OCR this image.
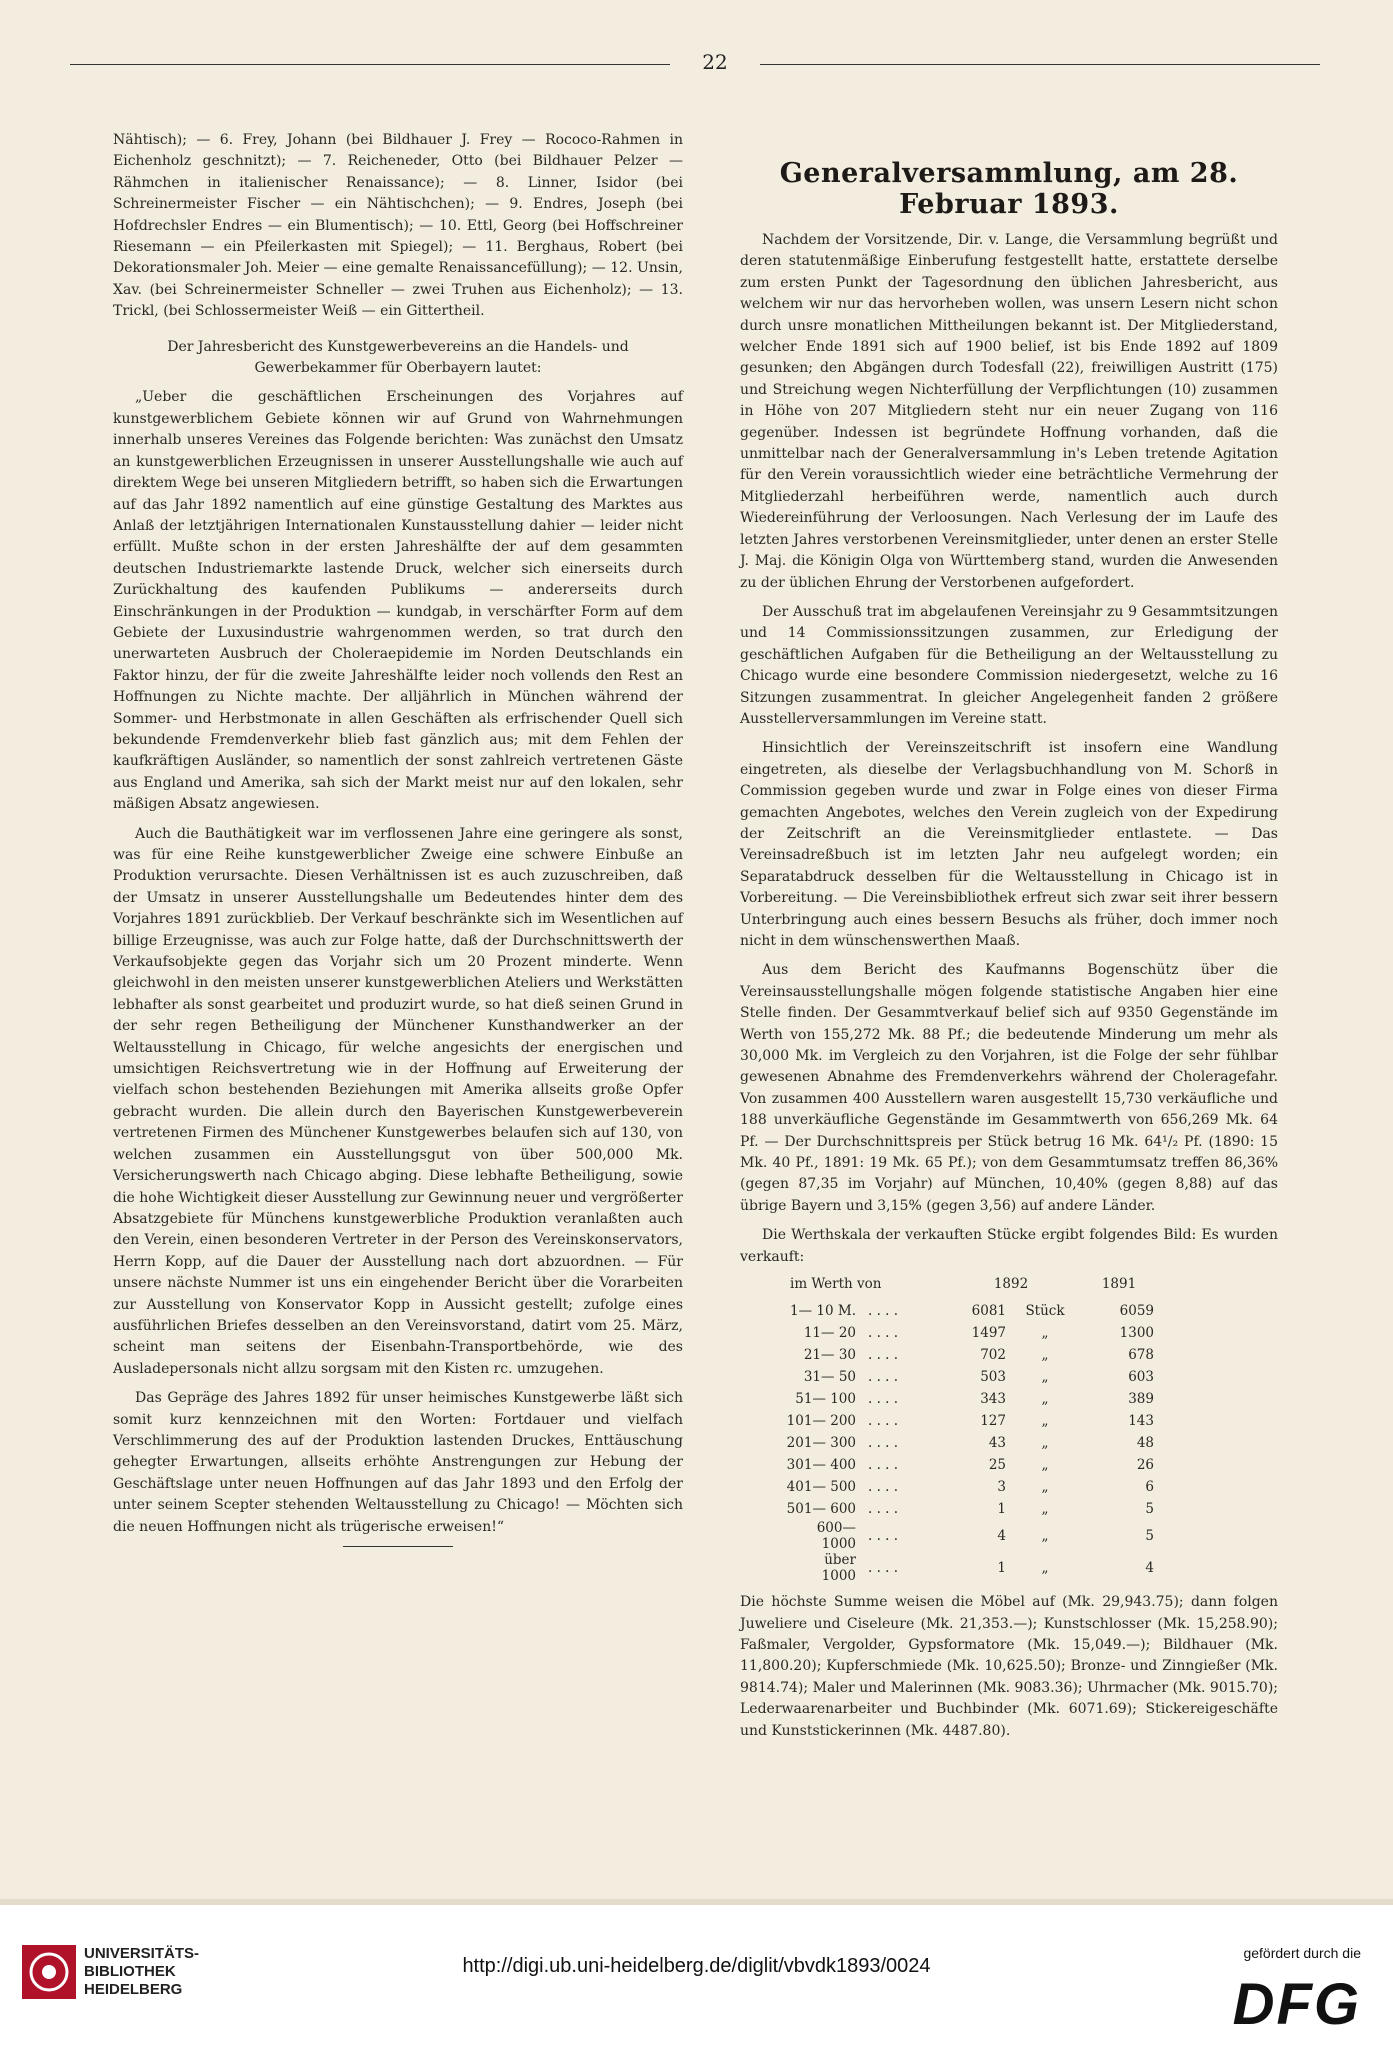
22

Nähtisch); — 6. Frey, Johann (bei Bildhauer J. Frey — Rococo-Rahmen in Eichenholz geschnitzt); — 7. Reicheneder, Otto (bei Bildhauer Pelzer — Rähmchen in italienischer Renaissance); — 8. Linner, Isidor (bei Schreinermeister Fischer — ein Nähtischchen); — 9. Endres, Joseph (bei Hofdrechsler Endres — ein Blumentisch); — 10. Ettl, Georg (bei Hoffschreiner Riesemann — ein Pfeilerkasten mit Spiegel); — 11. Berghaus, Robert (bei Dekorationsmaler Joh. Meier — eine gemalte Renaissancefüllung); — 12. Unsin, Xav. (bei Schreinermeister Schneller — zwei Truhen aus Eichenholz); — 13. Trickl, (bei Schlossermeister Weiß — ein Gittertheil.

Der Jahresbericht des Kunstgewerbevereins an die Handels- und Gewerbekammer für Oberbayern lautet:

„Ueber die geschäftlichen Erscheinungen des Vorjahres auf kunstgewerblichem Gebiete können wir auf Grund von Wahrnehmungen innerhalb unseres Vereines das Folgende berichten: Was zunächst den Umsatz an kunstgewerblichen Erzeugnissen in unserer Ausstellungshalle wie auch auf direktem Wege bei unseren Mitgliedern betrifft, so haben sich die Erwartungen auf das Jahr 1892 namentlich auf eine günstige Gestaltung des Marktes aus Anlaß der letztjährigen Internationalen Kunstausstellung dahier — leider nicht erfüllt. Mußte schon in der ersten Jahreshälfte der auf dem gesammten deutschen Industriemarkte lastende Druck, welcher sich einerseits durch Zurückhaltung des kaufenden Publikums — andererseits durch Einschränkungen in der Produktion — kundgab, in verschärfter Form auf dem Gebiete der Luxusindustrie wahrgenommen werden, so trat durch den unerwarteten Ausbruch der Choleraepidemie im Norden Deutschlands ein Faktor hinzu, der für die zweite Jahreshälfte leider noch vollends den Rest an Hoffnungen zu Nichte machte. Der alljährlich in München während der Sommer- und Herbstmonate in allen Geschäften als erfrischender Quell sich bekundende Fremdenverkehr blieb fast gänzlich aus; mit dem Fehlen der kaufkräftigen Ausländer, so namentlich der sonst zahlreich vertretenen Gäste aus England und Amerika, sah sich der Markt meist nur auf den lokalen, sehr mäßigen Absatz angewiesen.

Auch die Bauthätigkeit war im verflossenen Jahre eine geringere als sonst, was für eine Reihe kunstgewerblicher Zweige eine schwere Einbuße an Produktion verursachte. Diesen Verhältnissen ist es auch zuzuschreiben, daß der Umsatz in unserer Ausstellungshalle um Bedeutendes hinter dem des Vorjahres 1891 zurückblieb. Der Verkauf beschränkte sich im Wesentlichen auf billige Erzeugnisse, was auch zur Folge hatte, daß der Durchschnittswerth der Verkaufsobjekte gegen das Vorjahr sich um 20 Prozent minderte. Wenn gleichwohl in den meisten unserer kunstgewerblichen Ateliers und Werkstätten lebhafter als sonst gearbeitet und produzirt wurde, so hat dieß seinen Grund in der sehr regen Betheiligung der Münchener Kunsthandwerker an der Weltausstellung in Chicago, für welche angesichts der energischen und umsichtigen Reichsvertretung wie in der Hoffnung auf Erweiterung der vielfach schon bestehenden Beziehungen mit Amerika allseits große Opfer gebracht wurden. Die allein durch den Bayerischen Kunstgewerbeverein vertretenen Firmen des Münchener Kunstgewerbes belaufen sich auf 130, von welchen zusammen ein Ausstellungsgut von über 500,000 Mk. Versicherungswerth nach Chicago abging. Diese lebhafte Betheiligung, sowie die hohe Wichtigkeit dieser Ausstellung zur Gewinnung neuer und vergrößerter Absatzgebiete für Münchens kunstgewerbliche Produktion veranlaßten auch den Verein, einen besonderen Vertreter in der Person des Vereinskonservators, Herrn Kopp, auf die Dauer der Ausstellung nach dort abzuordnen. — Für unsere nächste Nummer ist uns ein eingehender Bericht über die Vorarbeiten zur Ausstellung von Konservator Kopp in Aussicht gestellt; zufolge eines ausführlichen Briefes desselben an den Vereinsvorstand, datirt vom 25. März, scheint man seitens der Eisenbahn-Transportbehörde, wie des Ausladepersonals nicht allzu sorgsam mit den Kisten rc. umzugehen.

Das Gepräge des Jahres 1892 für unser heimisches Kunstgewerbe läßt sich somit kurz kennzeichnen mit den Worten: Fortdauer und vielfach Verschlimmerung des auf der Produktion lastenden Druckes, Enttäuschung gehegter Erwartungen, allseits erhöhte Anstrengungen zur Hebung der Geschäftslage unter neuen Hoffnungen auf das Jahr 1893 und den Erfolg der unter seinem Scepter stehenden Weltausstellung zu Chicago! — Möchten sich die neuen Hoffnungen nicht als trügerische erweisen!“

Generalversammlung, am 28. Februar 1893.

Nachdem der Vorsitzende, Dir. v. Lange, die Versammlung begrüßt und deren statutenmäßige Einberufung festgestellt hatte, erstattete derselbe zum ersten Punkt der Tagesordnung den üblichen Jahresbericht, aus welchem wir nur das hervorheben wollen, was unsern Lesern nicht schon durch unsre monatlichen Mittheilungen bekannt ist. Der Mitgliederstand, welcher Ende 1891 sich auf 1900 belief, ist bis Ende 1892 auf 1809 gesunken; den Abgängen durch Todesfall (22), freiwilligen Austritt (175) und Streichung wegen Nichterfüllung der Verpflichtungen (10) zusammen in Höhe von 207 Mitgliedern steht nur ein neuer Zugang von 116 gegenüber. Indessen ist begründete Hoffnung vorhanden, daß die unmittelbar nach der Generalversammlung in's Leben tretende Agitation für den Verein voraussichtlich wieder eine beträchtliche Vermehrung der Mitgliederzahl herbeiführen werde, namentlich auch durch Wiedereinführung der Verloosungen. Nach Verlesung der im Laufe des letzten Jahres verstorbenen Vereinsmitglieder, unter denen an erster Stelle J. Maj. die Königin Olga von Württemberg stand, wurden die Anwesenden zu der üblichen Ehrung der Verstorbenen aufgefordert.

Der Ausschuß trat im abgelaufenen Vereinsjahr zu 9 Gesammtsitzungen und 14 Commissionssitzungen zusammen, zur Erledigung der geschäftlichen Aufgaben für die Betheiligung an der Weltausstellung zu Chicago wurde eine besondere Commission niedergesetzt, welche zu 16 Sitzungen zusammentrat. In gleicher Angelegenheit fanden 2 größere Ausstellerversammlungen im Vereine statt.

Hinsichtlich der Vereinszeitschrift ist insofern eine Wandlung eingetreten, als dieselbe der Verlagsbuchhandlung von M. Schorß in Commission gegeben wurde und zwar in Folge eines von dieser Firma gemachten Angebotes, welches den Verein zugleich von der Expedirung der Zeitschrift an die Vereinsmitglieder entlastete. — Das Vereinsadreßbuch ist im letzten Jahr neu aufgelegt worden; ein Separatabdruck desselben für die Weltausstellung in Chicago ist in Vorbereitung. — Die Vereinsbibliothek erfreut sich zwar seit ihrer bessern Unterbringung auch eines bessern Besuchs als früher, doch immer noch nicht in dem wünschenswerthen Maaß.

Aus dem Bericht des Kaufmanns Bogenschütz über die Vereinsausstellungshalle mögen folgende statistische Angaben hier eine Stelle finden. Der Gesammtverkauf belief sich auf 9350 Gegenstände im Werth von 155,272 Mk. 88 Pf.; die bedeutende Minderung um mehr als 30,000 Mk. im Vergleich zu den Vorjahren, ist die Folge der sehr fühlbar gewesenen Abnahme des Fremdenverkehrs während der Choleragefahr. Von zusammen 400 Ausstellern waren ausgestellt 15,730 verkäufliche und 188 unverkäufliche Gegenstände im Gesammtwerth von 656,269 Mk. 64 Pf. — Der Durchschnittspreis per Stück betrug 16 Mk. 64¹/₂ Pf. (1890: 15 Mk. 40 Pf., 1891: 19 Mk. 65 Pf.); von dem Gesammtumsatz treffen 86,36% (gegen 87,35 im Vorjahr) auf München, 10,40% (gegen 8,88) auf das übrige Bayern und 3,15% (gegen 3,56) auf andere Länder.

Die Werthskala der verkauften Stücke ergibt folgendes Bild: Es wurden verkauft:

im Werth von		1892		1891
1— 10 M.	. . . .	6081	Stück	6059
11— 20	. . . .	1497	„	1300
21— 30	. . . .	702	„	678
31— 50	. . . .	503	„	603
51— 100	. . . .	343	„	389
101— 200	. . . .	127	„	143
201— 300	. . . .	43	„	48
301— 400	. . . .	25	„	26
401— 500	. . . .	3	„	6
501— 600	. . . .	1	„	5
600—1000	. . . .	4	„	5
über 1000	. . . .	1	„	4

Die höchste Summe weisen die Möbel auf (Mk. 29,943.75); dann folgen Juweliere und Ciseleure (Mk. 21,353.—); Kunstschlosser (Mk. 15,258.90); Faßmaler, Vergolder, Gypsformatore (Mk. 15,049.—); Bildhauer (Mk. 11,800.20); Kupferschmiede (Mk. 10,625.50); Bronze- und Zinngießer (Mk. 9814.74); Maler und Malerinnen (Mk. 9083.36); Uhrmacher (Mk. 9015.70); Lederwaarenarbeiter und Buchbinder (Mk. 6071.69); Stickereigeschäfte und Kunststickerinnen (Mk. 4487.80).

UNIVERSITÄTS-
BIBLIOTHEK
HEIDELBERG
http://digi.ub.uni-heidelberg.de/diglit/vbvdk1893/0024
gefördert durch die
DFG
